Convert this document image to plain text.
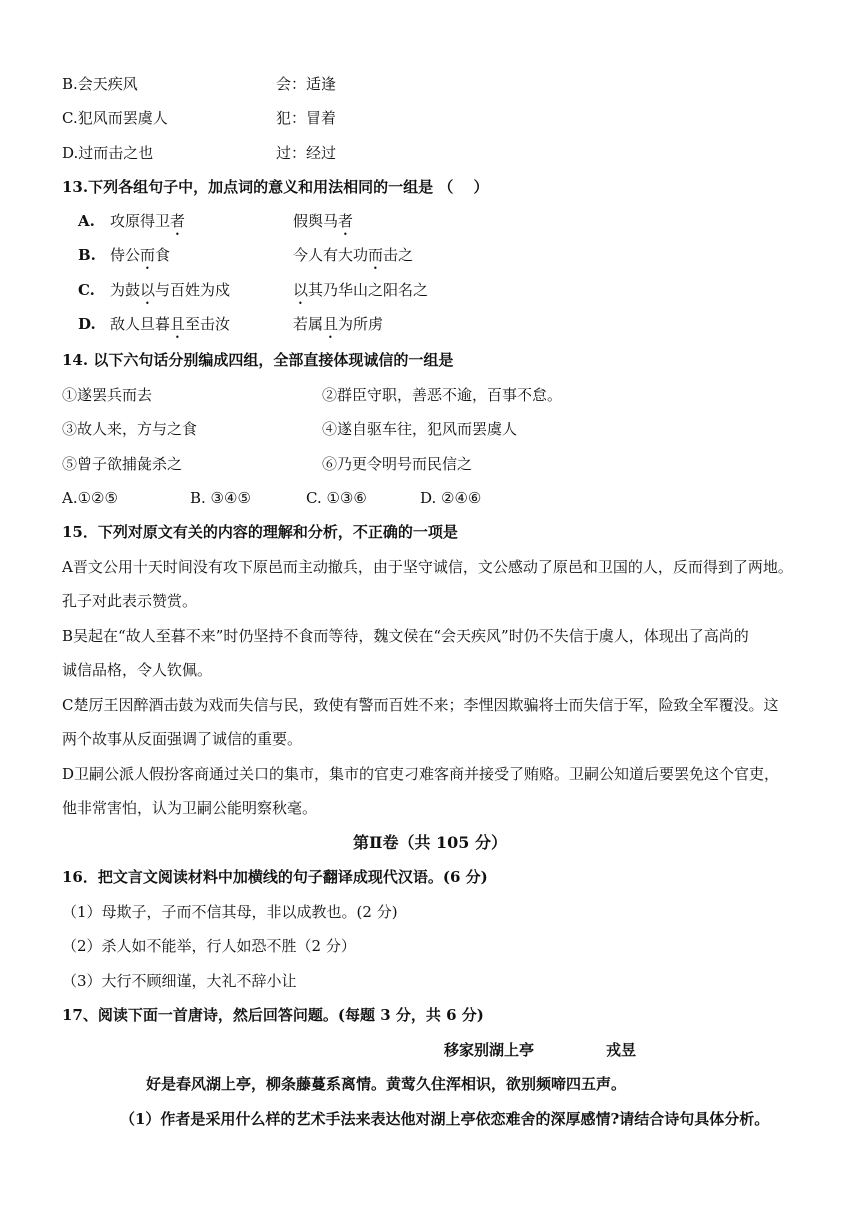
B.会天疾风	会：适逢
C.犯风而罢虞人	犯：冒着
D.过而击之也	过：经过
13.下列各组句子中，加点词的意义和用法相同的一组是 （　 ）
A. 攻原得卫者	假舆马者
B. 侍公而食	今人有大功而击之
C. 为鼓以与百姓为戍	以其乃华山之阳名之
D. 敌人旦暮且至击汝	若属且为所虏
14. 以下六句话分别编成四组，全部直接体现诚信的一组是
①遂罢兵而去	②群臣守职，善恶不逾，百事不怠。
③故人来，方与之食	④遂自驱车往，犯风而罢虞人
⑤曾子欲捕彘杀之	⑥乃更令明号而民信之
A.①②⑤	B. ③④⑤	C. ①③⑥	D. ②④⑥
15．下列对原文有关的内容的理解和分析，不正确的一项是
A晋文公用十天时间没有攻下原邑而主动撤兵，由于坚守诚信，文公感动了原邑和卫国的人，反而得到了两地。
孔子对此表示赞赏。
B吴起在“故人至暮不来”时仍坚持不食而等待，魏文侯在“会天疾风”时仍不失信于虞人，体现出了高尚的
诚信品格，令人钦佩。
C楚厉王因醉酒击鼓为戏而失信与民，致使有警而百姓不来；李悝因欺骗将士而失信于军，险致全军覆没。这
两个故事从反面强调了诚信的重要。
D卫嗣公派人假扮客商通过关口的集市，集市的官吏刁难客商并接受了贿赂。卫嗣公知道后要罢免这个官吏，
他非常害怕，认为卫嗣公能明察秋毫。
第Ⅱ卷（共 105 分）
16．把文言文阅读材料中加横线的句子翻译成现代汉语。(6 分)
（1）母欺子，子而不信其母，非以成教也。(2 分)
（2）杀人如不能举，行人如恐不胜（2 分）
（3）大行不顾细谨，大礼不辞小让
17、阅读下面一首唐诗，然后回答问题。(每题 3 分，共 6 分)
移家别湖上亭	戎昱
好是春风湖上亭，柳条藤蔓系离情。黄莺久住浑相识，欲别频啼四五声。
（1）作者是采用什么样的艺术手法来表达他对湖上亭依恋难舍的深厚感情?请结合诗句具体分析。
